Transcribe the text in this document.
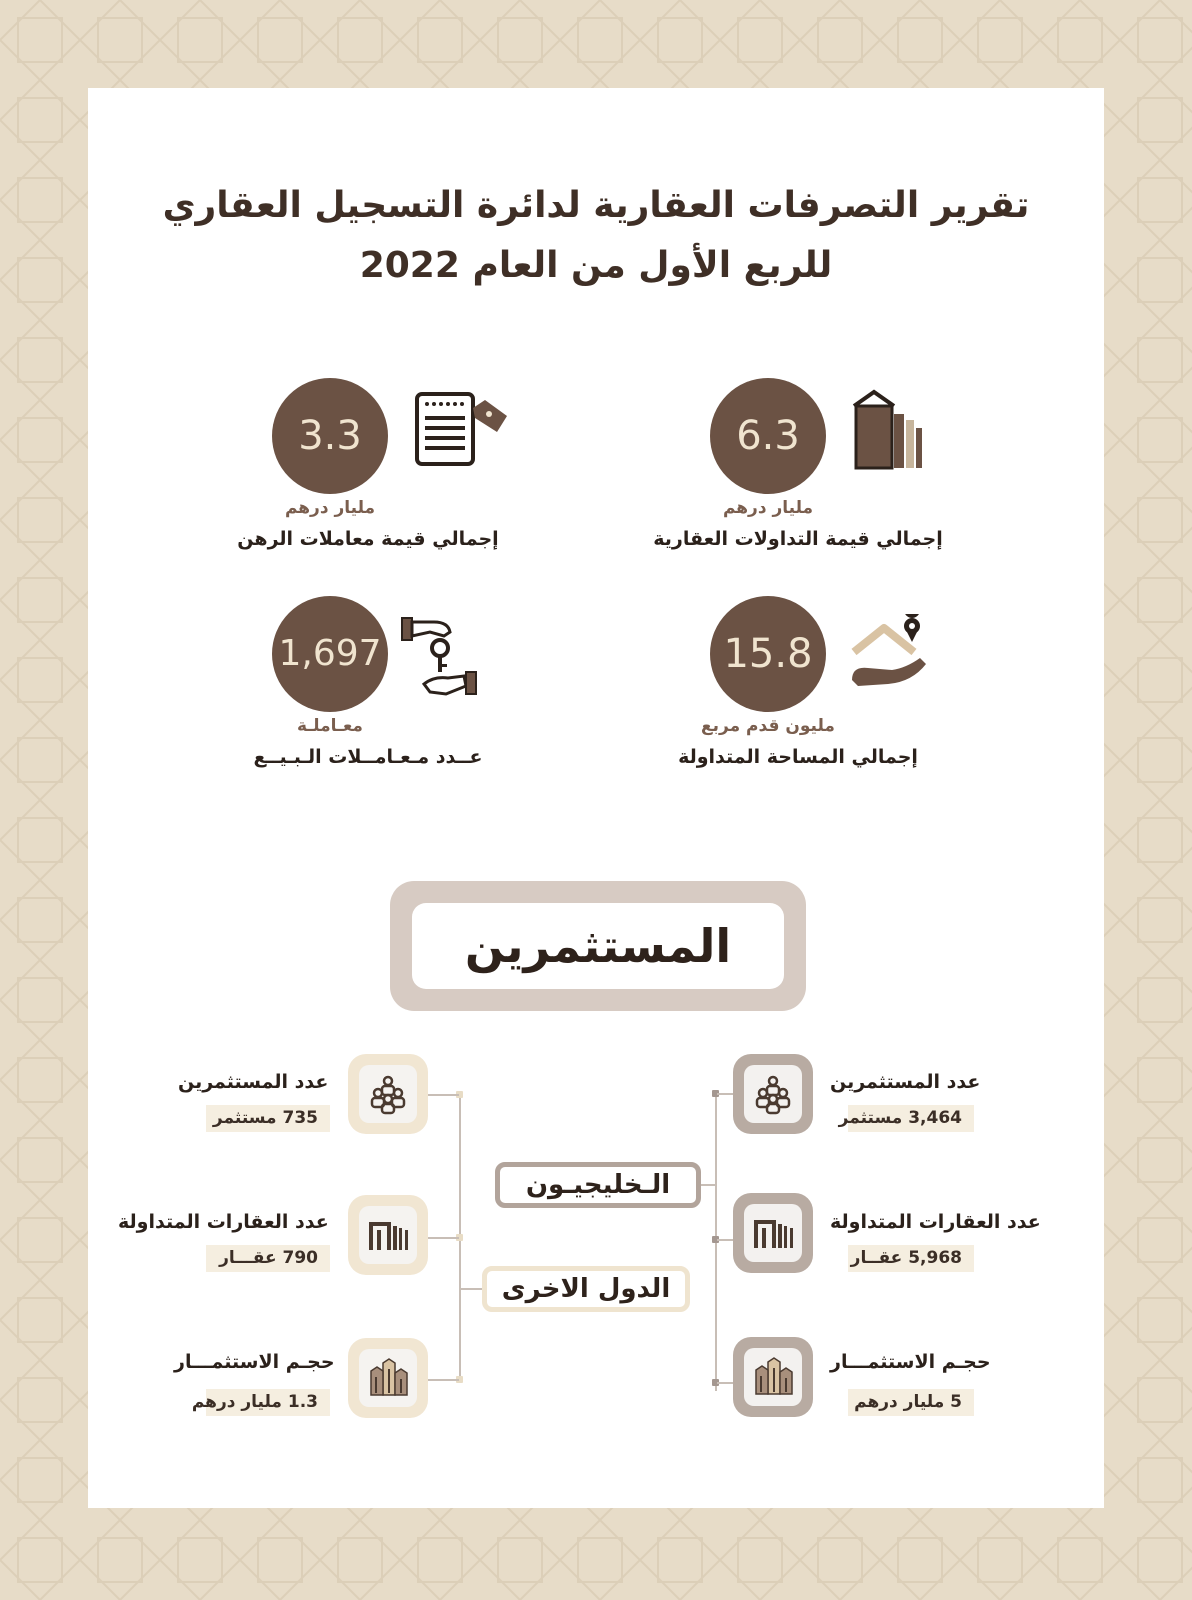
تقرير التصرفات العقارية لدائرة التسجيل العقاري
للربع الأول من العام 2022
6.3
مليار درهم
إجمالي قيمة التداولات العقارية
3.3
مليار درهم
إجمالي قيمة معاملات الرهن
15.8
مليون قدم مربع
إجمالي المساحة المتداولة
1,697
معـاملـة
عــدد مـعـامــلات الـبـيــع
المستثمرين
الـخليجيـون
الدول الاخرى
عدد المستثمرين
3,464 مستثمر
عدد العقارات المتداولة
5,968 عقــار
حجـم الاستثمـــار
5 مليار درهم
عدد المستثمرين
735 مستثمر
عدد العقارات المتداولة
790 عقـــار
حجـم الاستثمـــار
1.3 مليار درهم
